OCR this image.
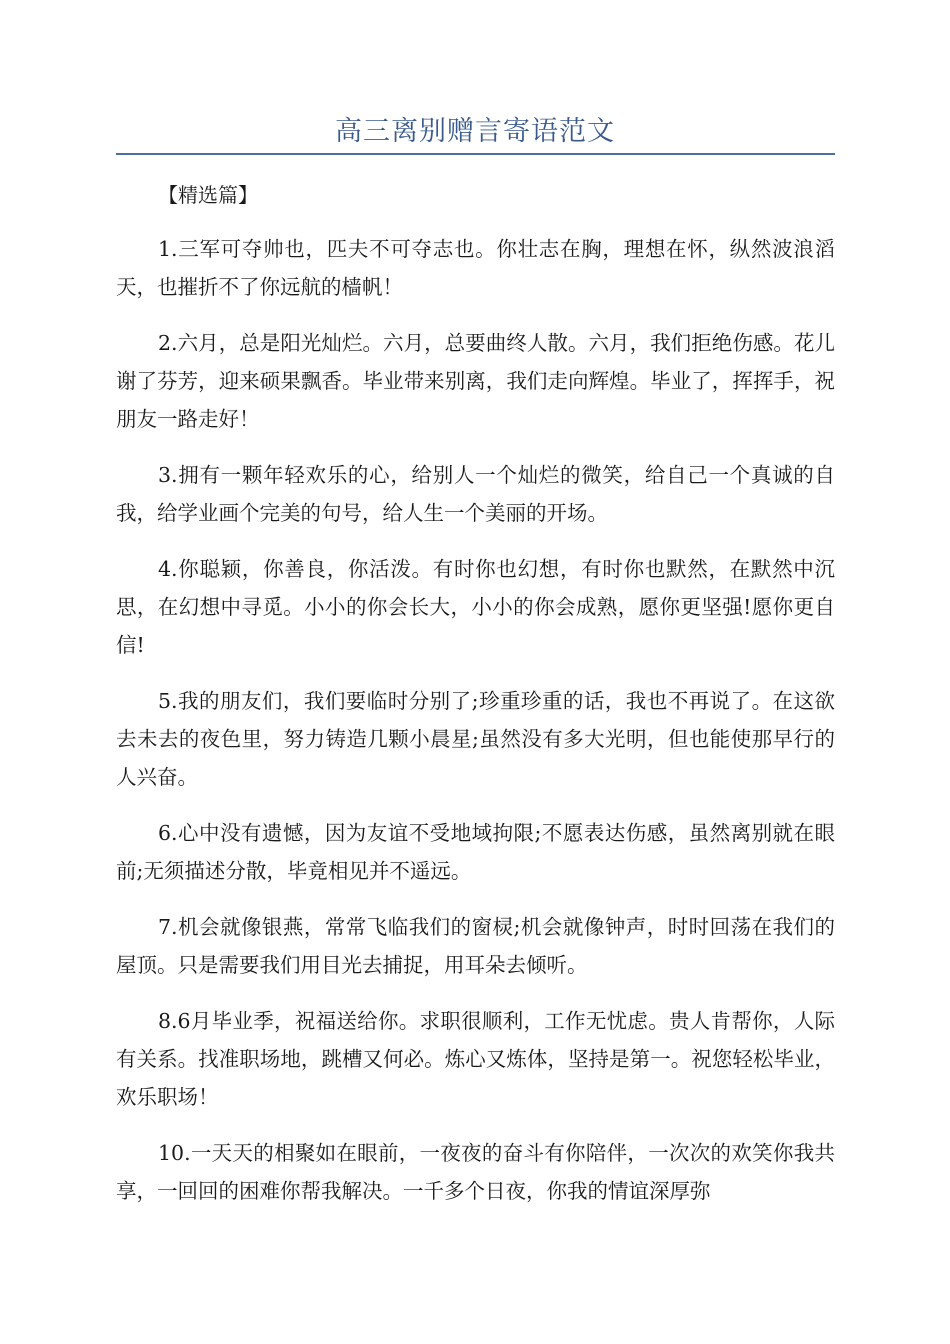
高三离别赠言寄语范文
【精选篇】

1.三军可夺帅也，匹夫不可夺志也。你壮志在胸，理想在怀，纵然波浪滔天，也摧折不了你远航的樯帆！

2.六月，总是阳光灿烂。六月，总要曲终人散。六月，我们拒绝伤感。花儿谢了芬芳，迎来硕果飘香。毕业带来别离，我们走向辉煌。毕业了，挥挥手，祝朋友一路走好！

3.拥有一颗年轻欢乐的心，给别人一个灿烂的微笑，给自己一个真诚的自我，给学业画个完美的句号，给人生一个美丽的开场。

4.你聪颖，你善良，你活泼。有时你也幻想，有时你也默然，在默然中沉思，在幻想中寻觅。小小的你会长大，小小的你会成熟，愿你更坚强!愿你更自信!

5.我的朋友们，我们要临时分别了;珍重珍重的话，我也不再说了。在这欲去未去的夜色里，努力铸造几颗小晨星;虽然没有多大光明，但也能使那早行的人兴奋。

6.心中没有遗憾，因为友谊不受地域拘限;不愿表达伤感，虽然离别就在眼前;无须描述分散，毕竟相见并不遥远。

7.机会就像银燕，常常飞临我们的窗棂;机会就像钟声，时时回荡在我们的屋顶。只是需要我们用目光去捕捉，用耳朵去倾听。

8.6月毕业季，祝福送给你。求职很顺利，工作无忧虑。贵人肯帮你，人际有关系。找准职场地，跳槽又何必。炼心又炼体，坚持是第一。祝您轻松毕业，欢乐职场！

10.一天天的相聚如在眼前，一夜夜的奋斗有你陪伴，一次次的欢笑你我共享，一回回的困难你帮我解决。一千多个日夜，你我的情谊深厚弥
